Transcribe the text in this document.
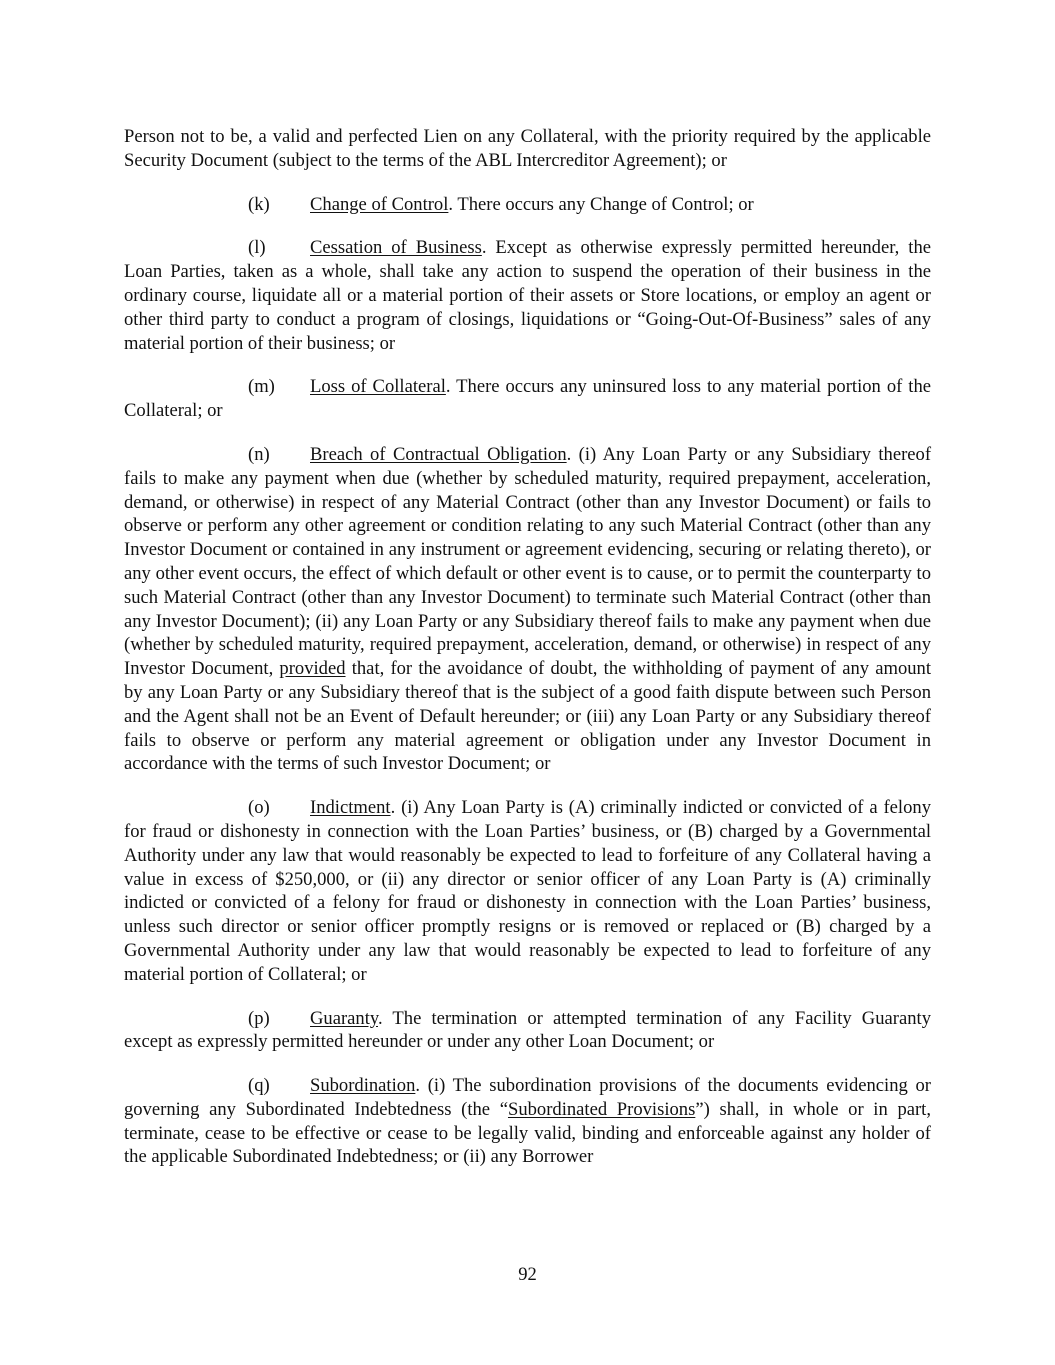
Person not to be, a valid and perfected Lien on any Collateral, with the priority required by the applicable Security Document (subject to the terms of the ABL Intercreditor Agreement); or

(k) Change of Control. There occurs any Change of Control; or

(l) Cessation of Business. Except as otherwise expressly permitted hereunder, the Loan Parties, taken as a whole, shall take any action to suspend the operation of their business in the ordinary course, liquidate all or a material portion of their assets or Store locations, or employ an agent or other third party to conduct a program of closings, liquidations or “Going-Out-Of-Business” sales of any material portion of their business; or

(m) Loss of Collateral. There occurs any uninsured loss to any material portion of the Collateral; or

(n) Breach of Contractual Obligation. (i) Any Loan Party or any Subsidiary thereof fails to make any payment when due (whether by scheduled maturity, required prepayment, acceleration, demand, or otherwise) in respect of any Material Contract (other than any Investor Document) or fails to observe or perform any other agreement or condition relating to any such Material Contract (other than any Investor Document or contained in any instrument or agreement evidencing, securing or relating thereto), or any other event occurs, the effect of which default or other event is to cause, or to permit the counterparty to such Material Contract (other than any Investor Document) to terminate such Material Contract (other than any Investor Document); (ii) any Loan Party or any Subsidiary thereof fails to make any payment when due (whether by scheduled maturity, required prepayment, acceleration, demand, or otherwise) in respect of any Investor Document, provided that, for the avoidance of doubt, the withholding of payment of any amount by any Loan Party or any Subsidiary thereof that is the subject of a good faith dispute between such Person and the Agent shall not be an Event of Default hereunder; or (iii) any Loan Party or any Subsidiary thereof fails to observe or perform any material agreement or obligation under any Investor Document in accordance with the terms of such Investor Document; or

(o) Indictment. (i) Any Loan Party is (A) criminally indicted or convicted of a felony for fraud or dishonesty in connection with the Loan Parties’ business, or (B) charged by a Governmental Authority under any law that would reasonably be expected to lead to forfeiture of any Collateral having a value in excess of $250,000, or (ii) any director or senior officer of any Loan Party is (A) criminally indicted or convicted of a felony for fraud or dishonesty in connection with the Loan Parties’ business, unless such director or senior officer promptly resigns or is removed or replaced or (B) charged by a Governmental Authority under any law that would reasonably be expected to lead to forfeiture of any material portion of Collateral; or

(p) Guaranty. The termination or attempted termination of any Facility Guaranty except as expressly permitted hereunder or under any other Loan Document; or

(q) Subordination. (i) The subordination provisions of the documents evidencing or governing any Subordinated Indebtedness (the “Subordinated Provisions”) shall, in whole or in part, terminate, cease to be effective or cease to be legally valid, binding and enforceable against any holder of the applicable Subordinated Indebtedness; or (ii) any Borrower

92
